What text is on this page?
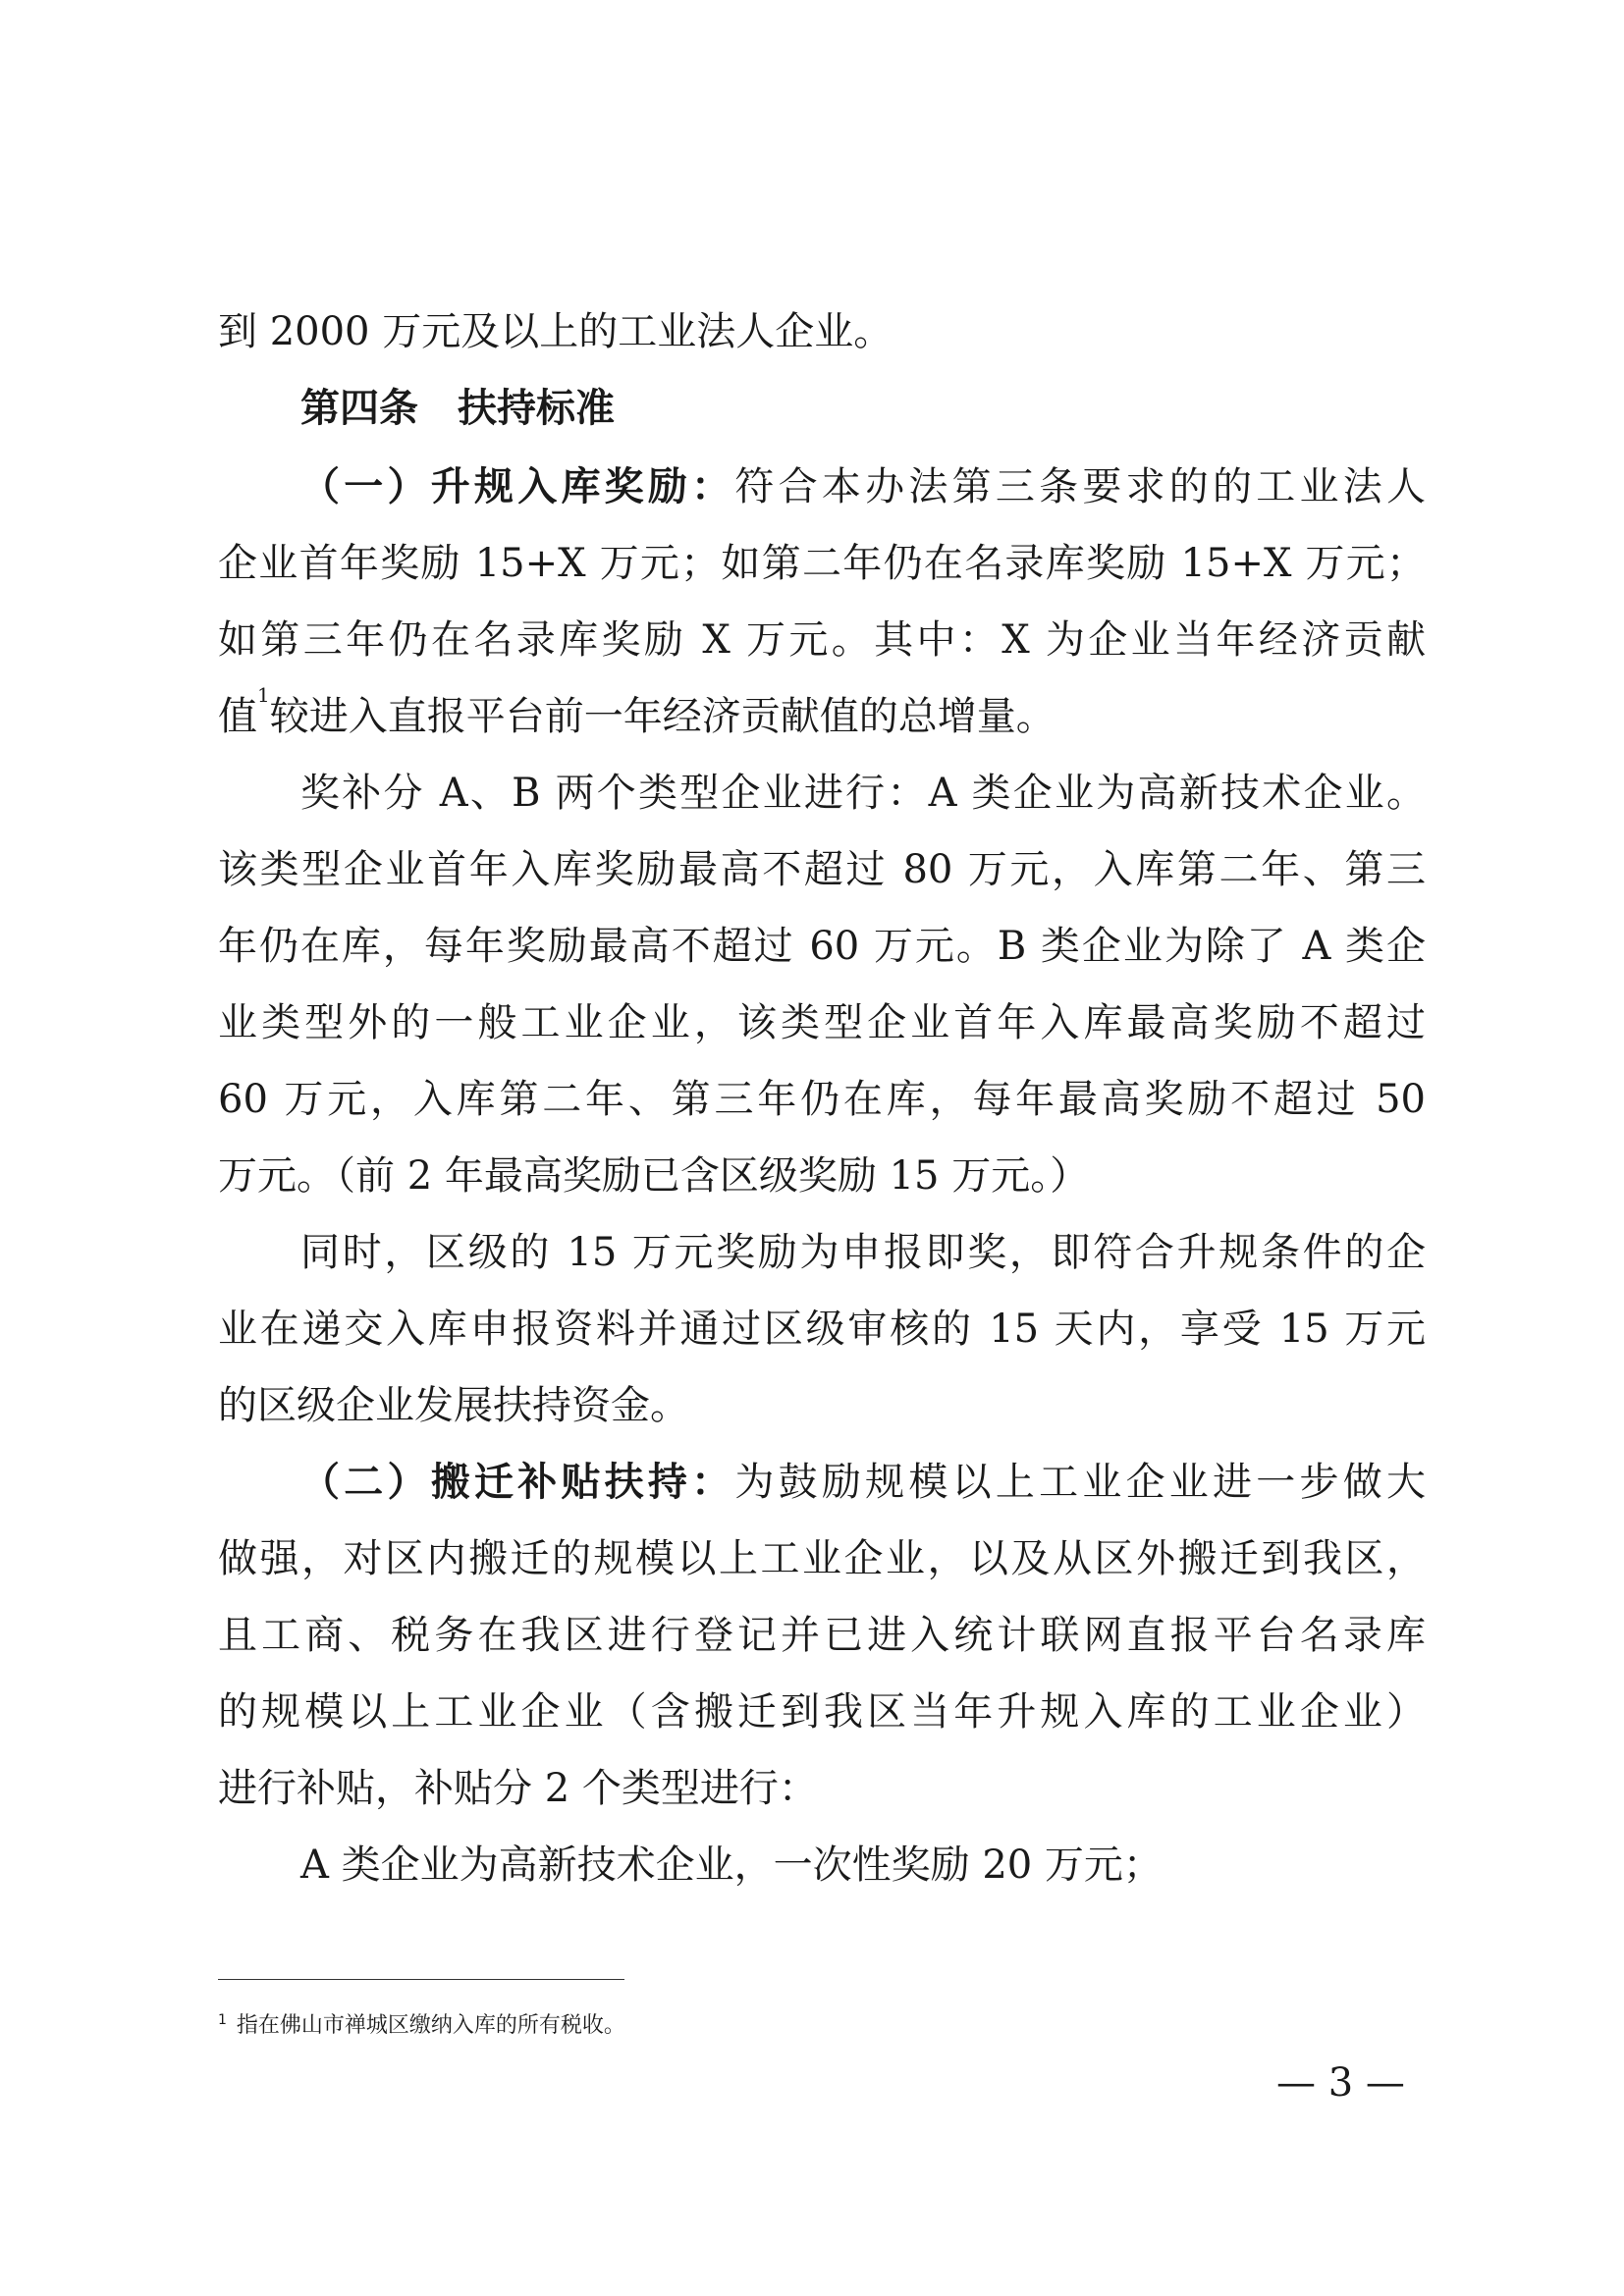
到 2000 万元及以上的工业法人企业。
第四条　扶持标准
（一）升规入库奖励：符合本办法第三条要求的的工业法人
企业首年奖励 15+X 万元；如第二年仍在名录库奖励 15+X 万元；
如第三年仍在名录库奖励 X 万元。其中：X 为企业当年经济贡献
值$^1$较进入直报平台前一年经济贡献值的总增量。
奖补分 A、B 两个类型企业进行：A 类企业为高新技术企业。
该类型企业首年入库奖励最高不超过 80 万元，入库第二年、第三
年仍在库，每年奖励最高不超过 60 万元。B 类企业为除了 A 类企
业类型外的一般工业企业，该类型企业首年入库最高奖励不超过
60 万元，入库第二年、第三年仍在库，每年最高奖励不超过 50
万元。（前 2 年最高奖励已含区级奖励 15 万元。）
同时，区级的 15 万元奖励为申报即奖，即符合升规条件的企
业在递交入库申报资料并通过区级审核的 15 天内，享受 15 万元
的区级企业发展扶持资金。
（二）搬迁补贴扶持：为鼓励规模以上工业企业进一步做大
做强，对区内搬迁的规模以上工业企业，以及从区外搬迁到我区，
且工商、税务在我区进行登记并已进入统计联网直报平台名录库
的规模以上工业企业（含搬迁到我区当年升规入库的工业企业）
进行补贴，补贴分 2 个类型进行：
A 类企业为高新技术企业，一次性奖励 20 万元；
$^1$ 指在佛山市禅城区缴纳入库的所有税收。
— 3 —
